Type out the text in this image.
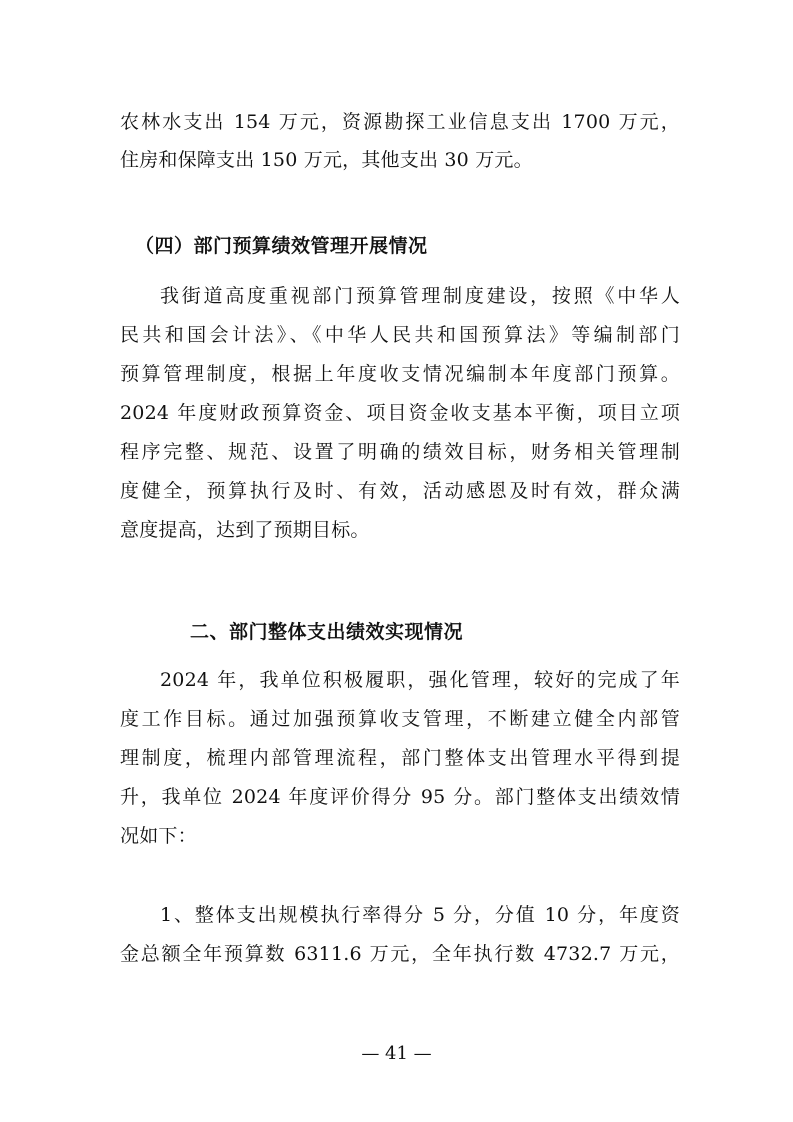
农林水支出 154 万元，资源勘探工业信息支出 1700 万元，
住房和保障支出 150 万元，其他支出 30 万元。
（四）部门预算绩效管理开展情况
我街道高度重视部门预算管理制度建设，按照《中华人
民共和国会计法》、《中华人民共和国预算法》等编制部门
预算管理制度，根据上年度收支情况编制本年度部门预算。
2024 年度财政预算资金、项目资金收支基本平衡，项目立项
程序完整、规范、设置了明确的绩效目标，财务相关管理制
度健全，预算执行及时、有效，活动感恩及时有效，群众满
意度提高，达到了预期目标。
二、部门整体支出绩效实现情况
2024 年，我单位积极履职，强化管理，较好的完成了年
度工作目标。通过加强预算收支管理，不断建立健全内部管
理制度，梳理内部管理流程，部门整体支出管理水平得到提
升，我单位 2024 年度评价得分 95 分。部门整体支出绩效情
况如下：
1、整体支出规模执行率得分 5 分，分值 10 分，年度资
金总额全年预算数 6311.6 万元，全年执行数 4732.7 万元，
— 41 —
